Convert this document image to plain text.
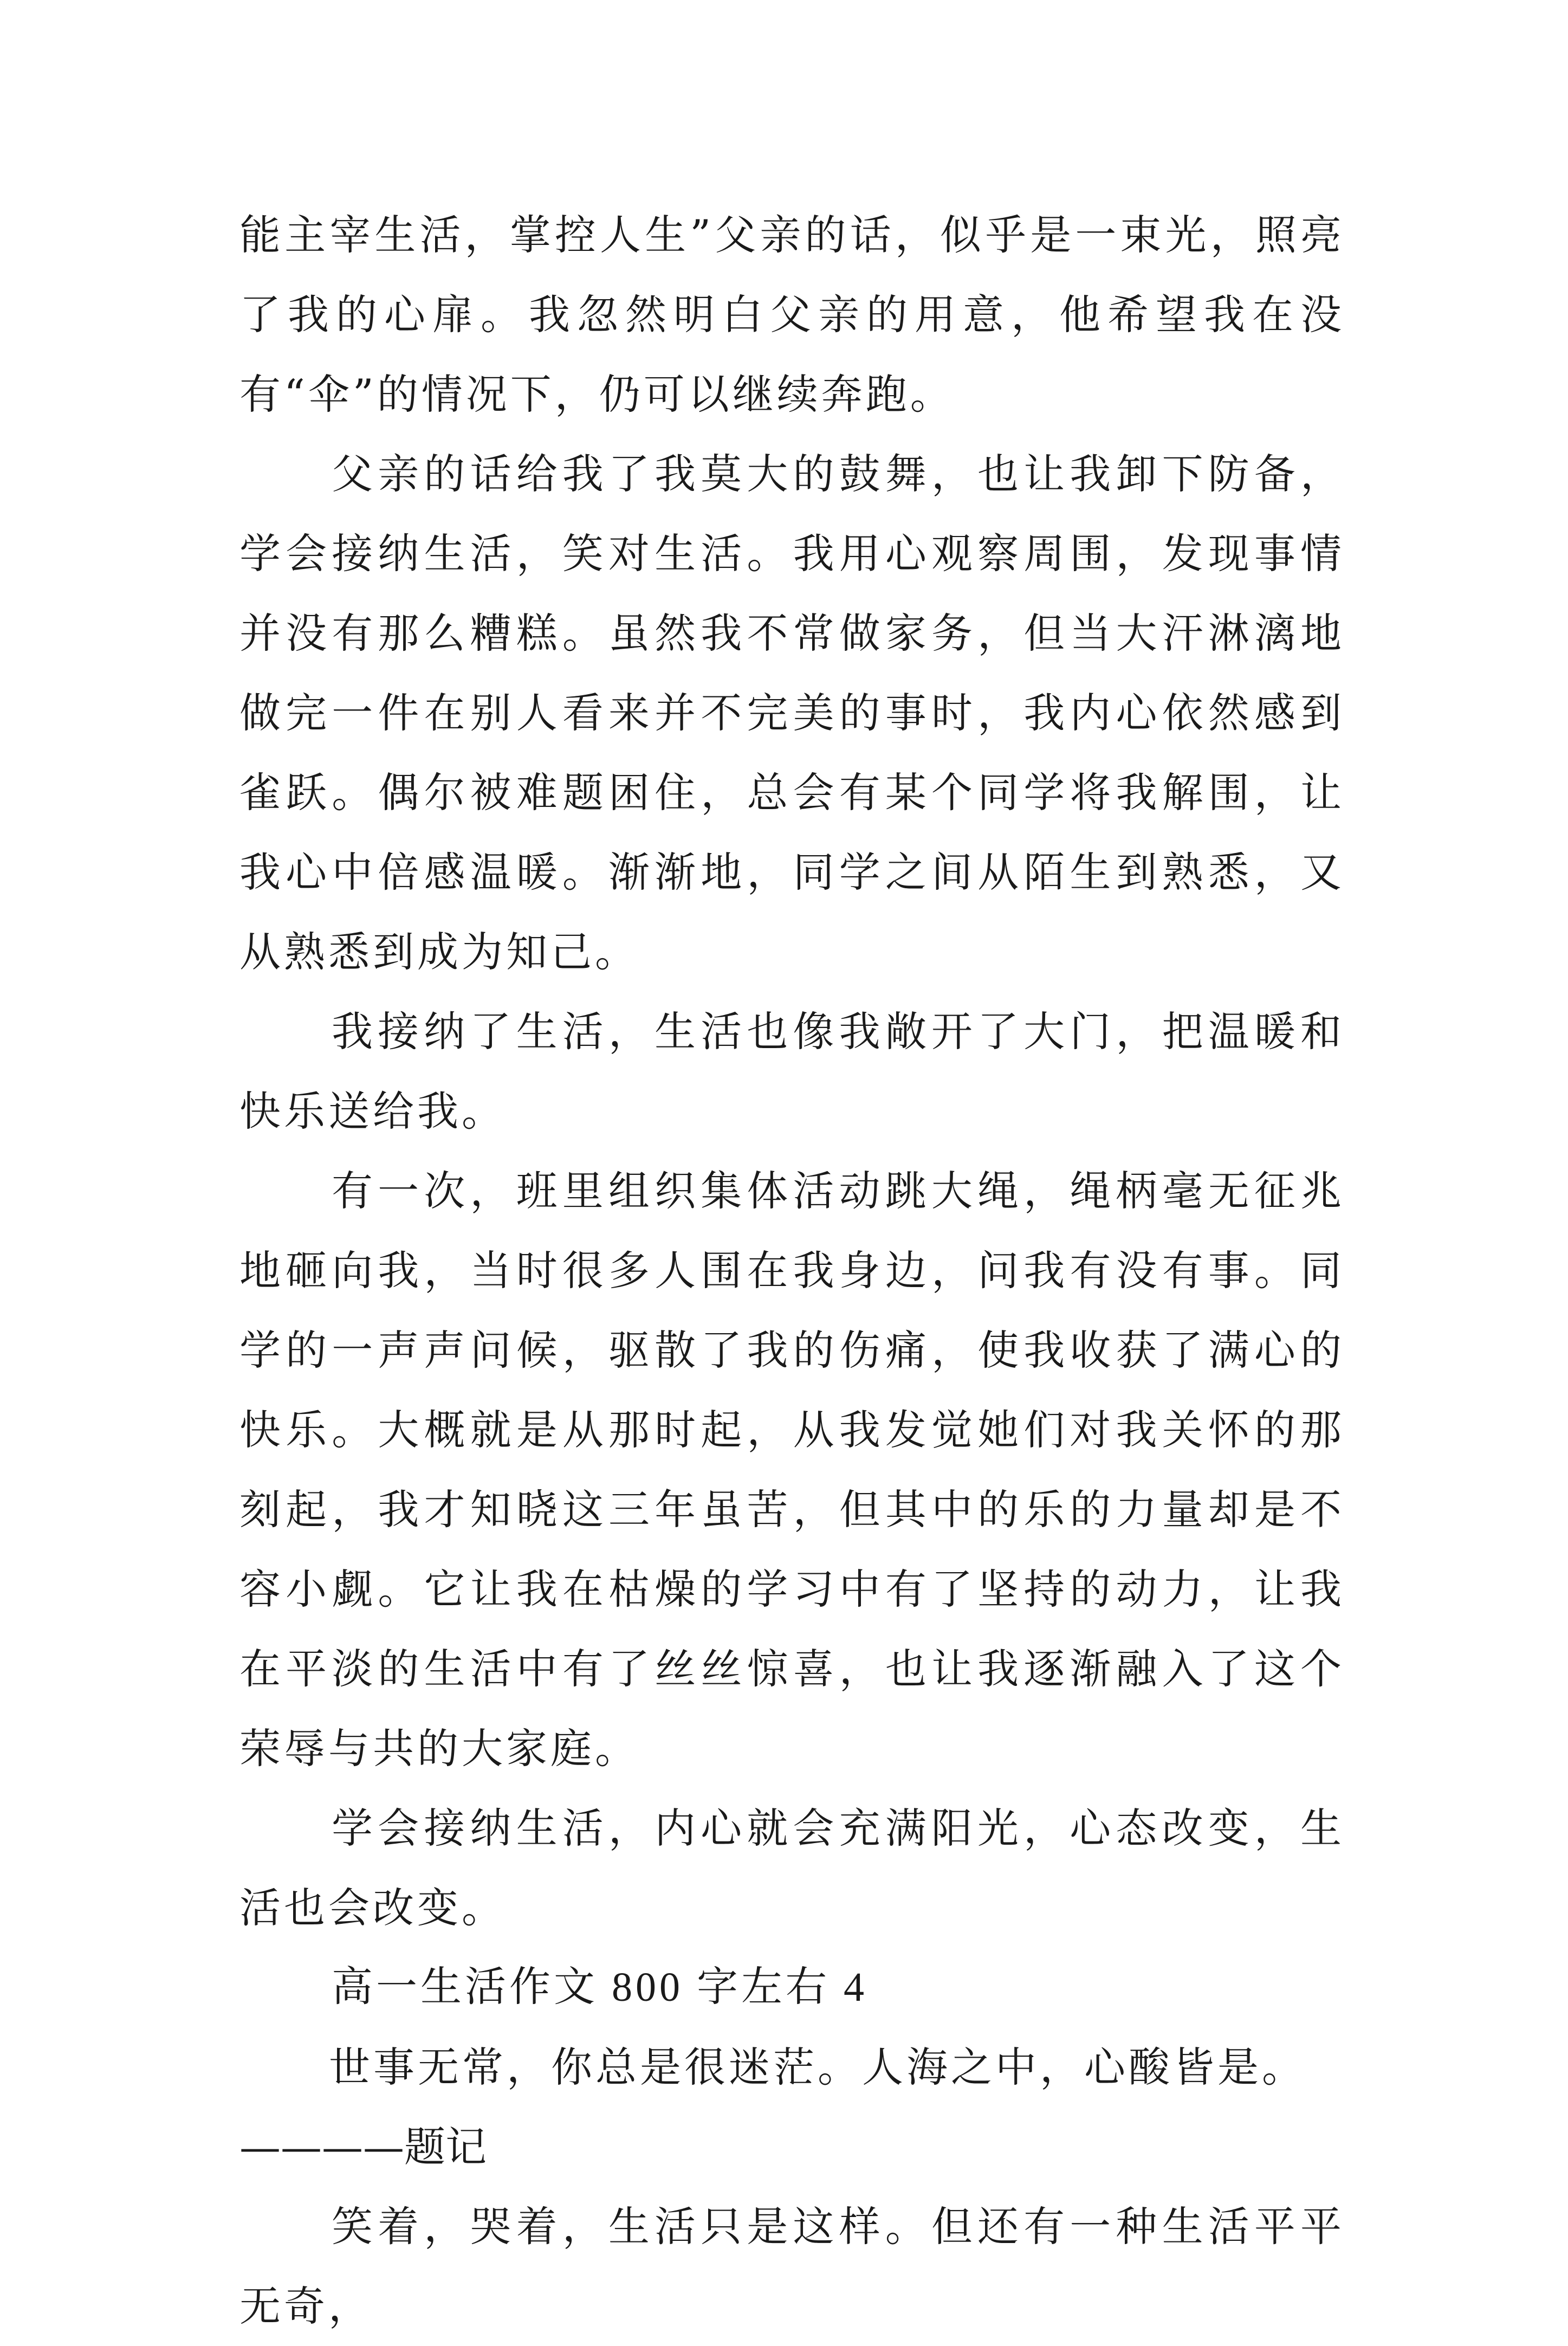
能主宰生活，掌控人生”父亲的话，似乎是一束光，照亮了我的心扉。我忽然明白父亲的用意，他希望我在没有“伞”的情况下，仍可以继续奔跑。

父亲的话给我了我莫大的鼓舞，也让我卸下防备，学会接纳生活，笑对生活。我用心观察周围，发现事情并没有那么糟糕。虽然我不常做家务，但当大汗淋漓地做完一件在别人看来并不完美的事时，我内心依然感到雀跃。偶尔被难题困住，总会有某个同学将我解围，让我心中倍感温暖。渐渐地，同学之间从陌生到熟悉，又从熟悉到成为知己。

我接纳了生活，生活也像我敞开了大门，把温暖和快乐送给我。

有一次，班里组织集体活动跳大绳，绳柄毫无征兆地砸向我，当时很多人围在我身边，问我有没有事。同学的一声声问候，驱散了我的伤痛，使我收获了满心的快乐。大概就是从那时起，从我发觉她们对我关怀的那刻起，我才知晓这三年虽苦，但其中的乐的力量却是不容小觑。它让我在枯燥的学习中有了坚持的动力，让我在平淡的生活中有了丝丝惊喜，也让我逐渐融入了这个荣辱与共的大家庭。

学会接纳生活，内心就会充满阳光，心态改变，生活也会改变。

高一生活作文 800 字左右 4

世事无常，你总是很迷茫。人海之中，心酸皆是。
————题记

笑着，哭着，生活只是这样。但还有一种生活平平无奇，
